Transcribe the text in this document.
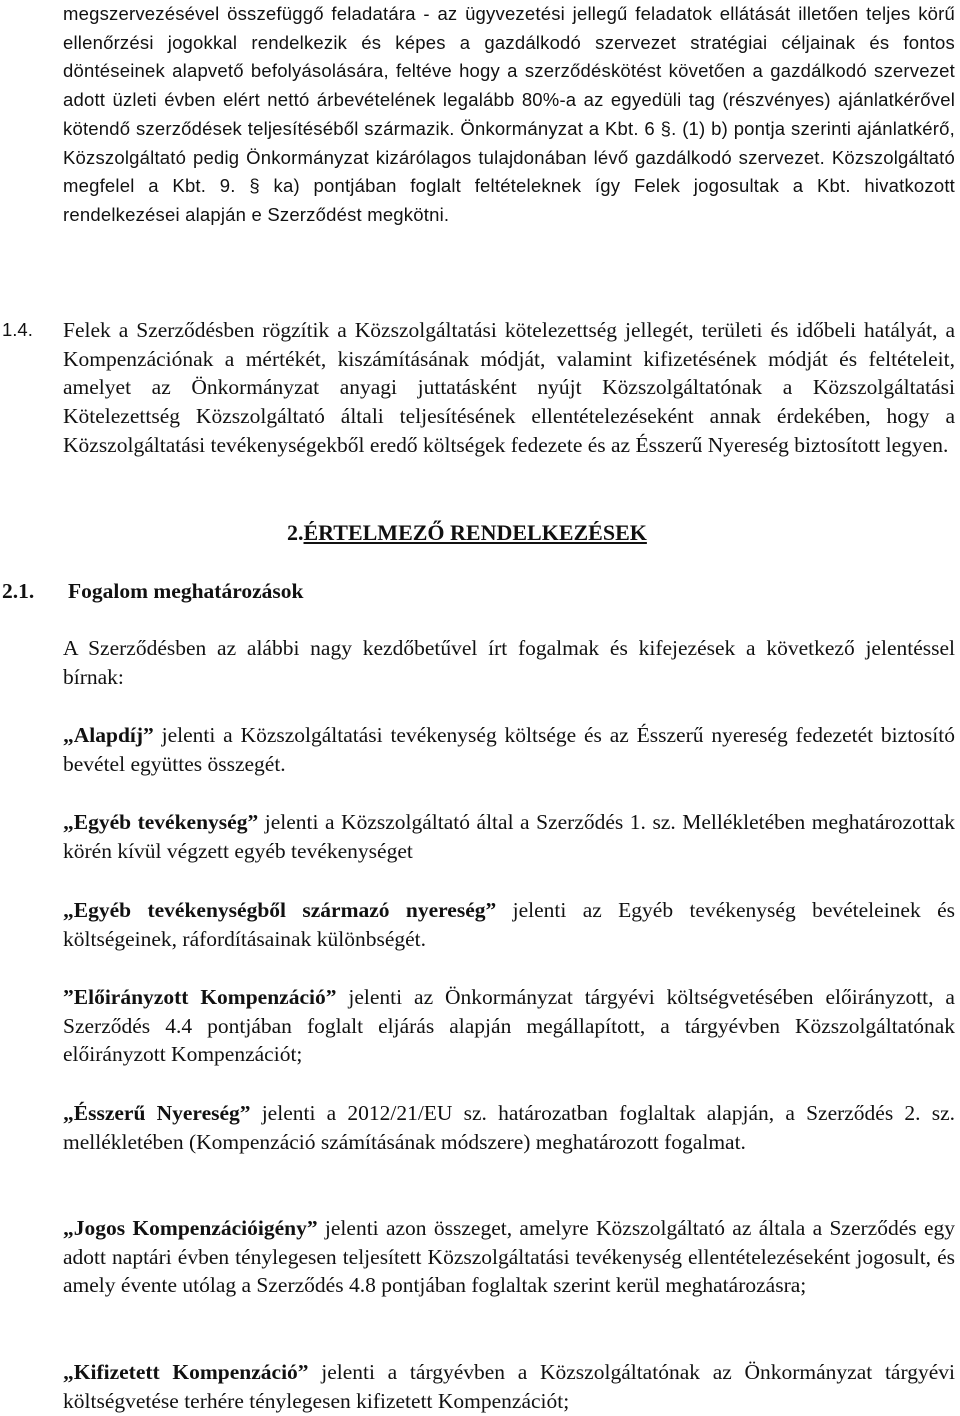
megszervezésével összefüggő feladatára - az ügyvezetési jellegű feladatok ellátását illetően teljes körű ellenőrzési jogokkal rendelkezik és képes a gazdálkodó szervezet stratégiai céljainak és fontos döntéseinek alapvető befolyásolására, feltéve hogy a szerződéskötést követően a gazdálkodó szervezet adott üzleti évben elért nettó árbevételének legalább 80%-a az egyedüli tag (részvényes) ajánlatkérővel kötendő szerződések teljesítéséből származik. Önkormányzat a Kbt. 6 §. (1) b) pontja szerinti ajánlatkérő, Közszolgáltató pedig Önkormányzat kizárólagos tulajdonában lévő gazdálkodó szervezet. Közszolgáltató megfelel a Kbt. 9. § ka) pontjában foglalt feltételeknek így Felek jogosultak a Kbt. hivatkozott rendelkezései alapján e Szerződést megkötni.

1.4. Felek a Szerződésben rögzítik a Közszolgáltatási kötelezettség jellegét, területi és időbeli hatályát, a Kompenzációnak a mértékét, kiszámításának módját, valamint kifizetésének módját és feltételeit, amelyet az Önkormányzat anyagi juttatásként nyújt Közszolgáltatónak a Közszolgáltatási Kötelezettség Közszolgáltató általi teljesítésének ellentételezéseként annak érdekében, hogy a Közszolgáltatási tevékenységekből eredő költségek fedezete és az Ésszerű Nyereség biztosított legyen.

2.ÉRTELMEZŐ RENDELKEZÉSEK
2.1. Fogalom meghatározások

A Szerződésben az alábbi nagy kezdőbetűvel írt fogalmak és kifejezések a következő jelentéssel bírnak:

„Alapdíj” jelenti a Közszolgáltatási tevékenység költsége és az Ésszerű nyereség fedezetét biztosító bevétel együttes összegét.

„Egyéb tevékenység” jelenti a Közszolgáltató által a Szerződés 1. sz. Mellékletében meghatározottak körén kívül végzett egyéb tevékenységet

„Egyéb tevékenységből származó nyereség” jelenti az Egyéb tevékenység bevételeinek és költségeinek, ráfordításainak különbségét.

”Előirányzott Kompenzáció” jelenti az Önkormányzat tárgyévi költségvetésében előirányzott, a Szerződés 4.4 pontjában foglalt eljárás alapján megállapított, a tárgyévben Közszolgáltatónak előirányzott Kompenzációt;

„Ésszerű Nyereség” jelenti a 2012/21/EU sz. határozatban foglaltak alapján, a Szerződés 2. sz. mellékletében (Kompenzáció számításának módszere) meghatározott fogalmat.

„Jogos Kompenzációigény” jelenti azon összeget, amelyre Közszolgáltató az általa a Szerződés egy adott naptári évben ténylegesen teljesített Közszolgáltatási tevékenység ellentételezéseként jogosult, és amely évente utólag a Szerződés 4.8 pontjában foglaltak szerint kerül meghatározásra;

„Kifizetett Kompenzáció” jelenti a tárgyévben a Közszolgáltatónak az Önkormányzat tárgyévi költségvetése terhére ténylegesen kifizetett Kompenzációt;
